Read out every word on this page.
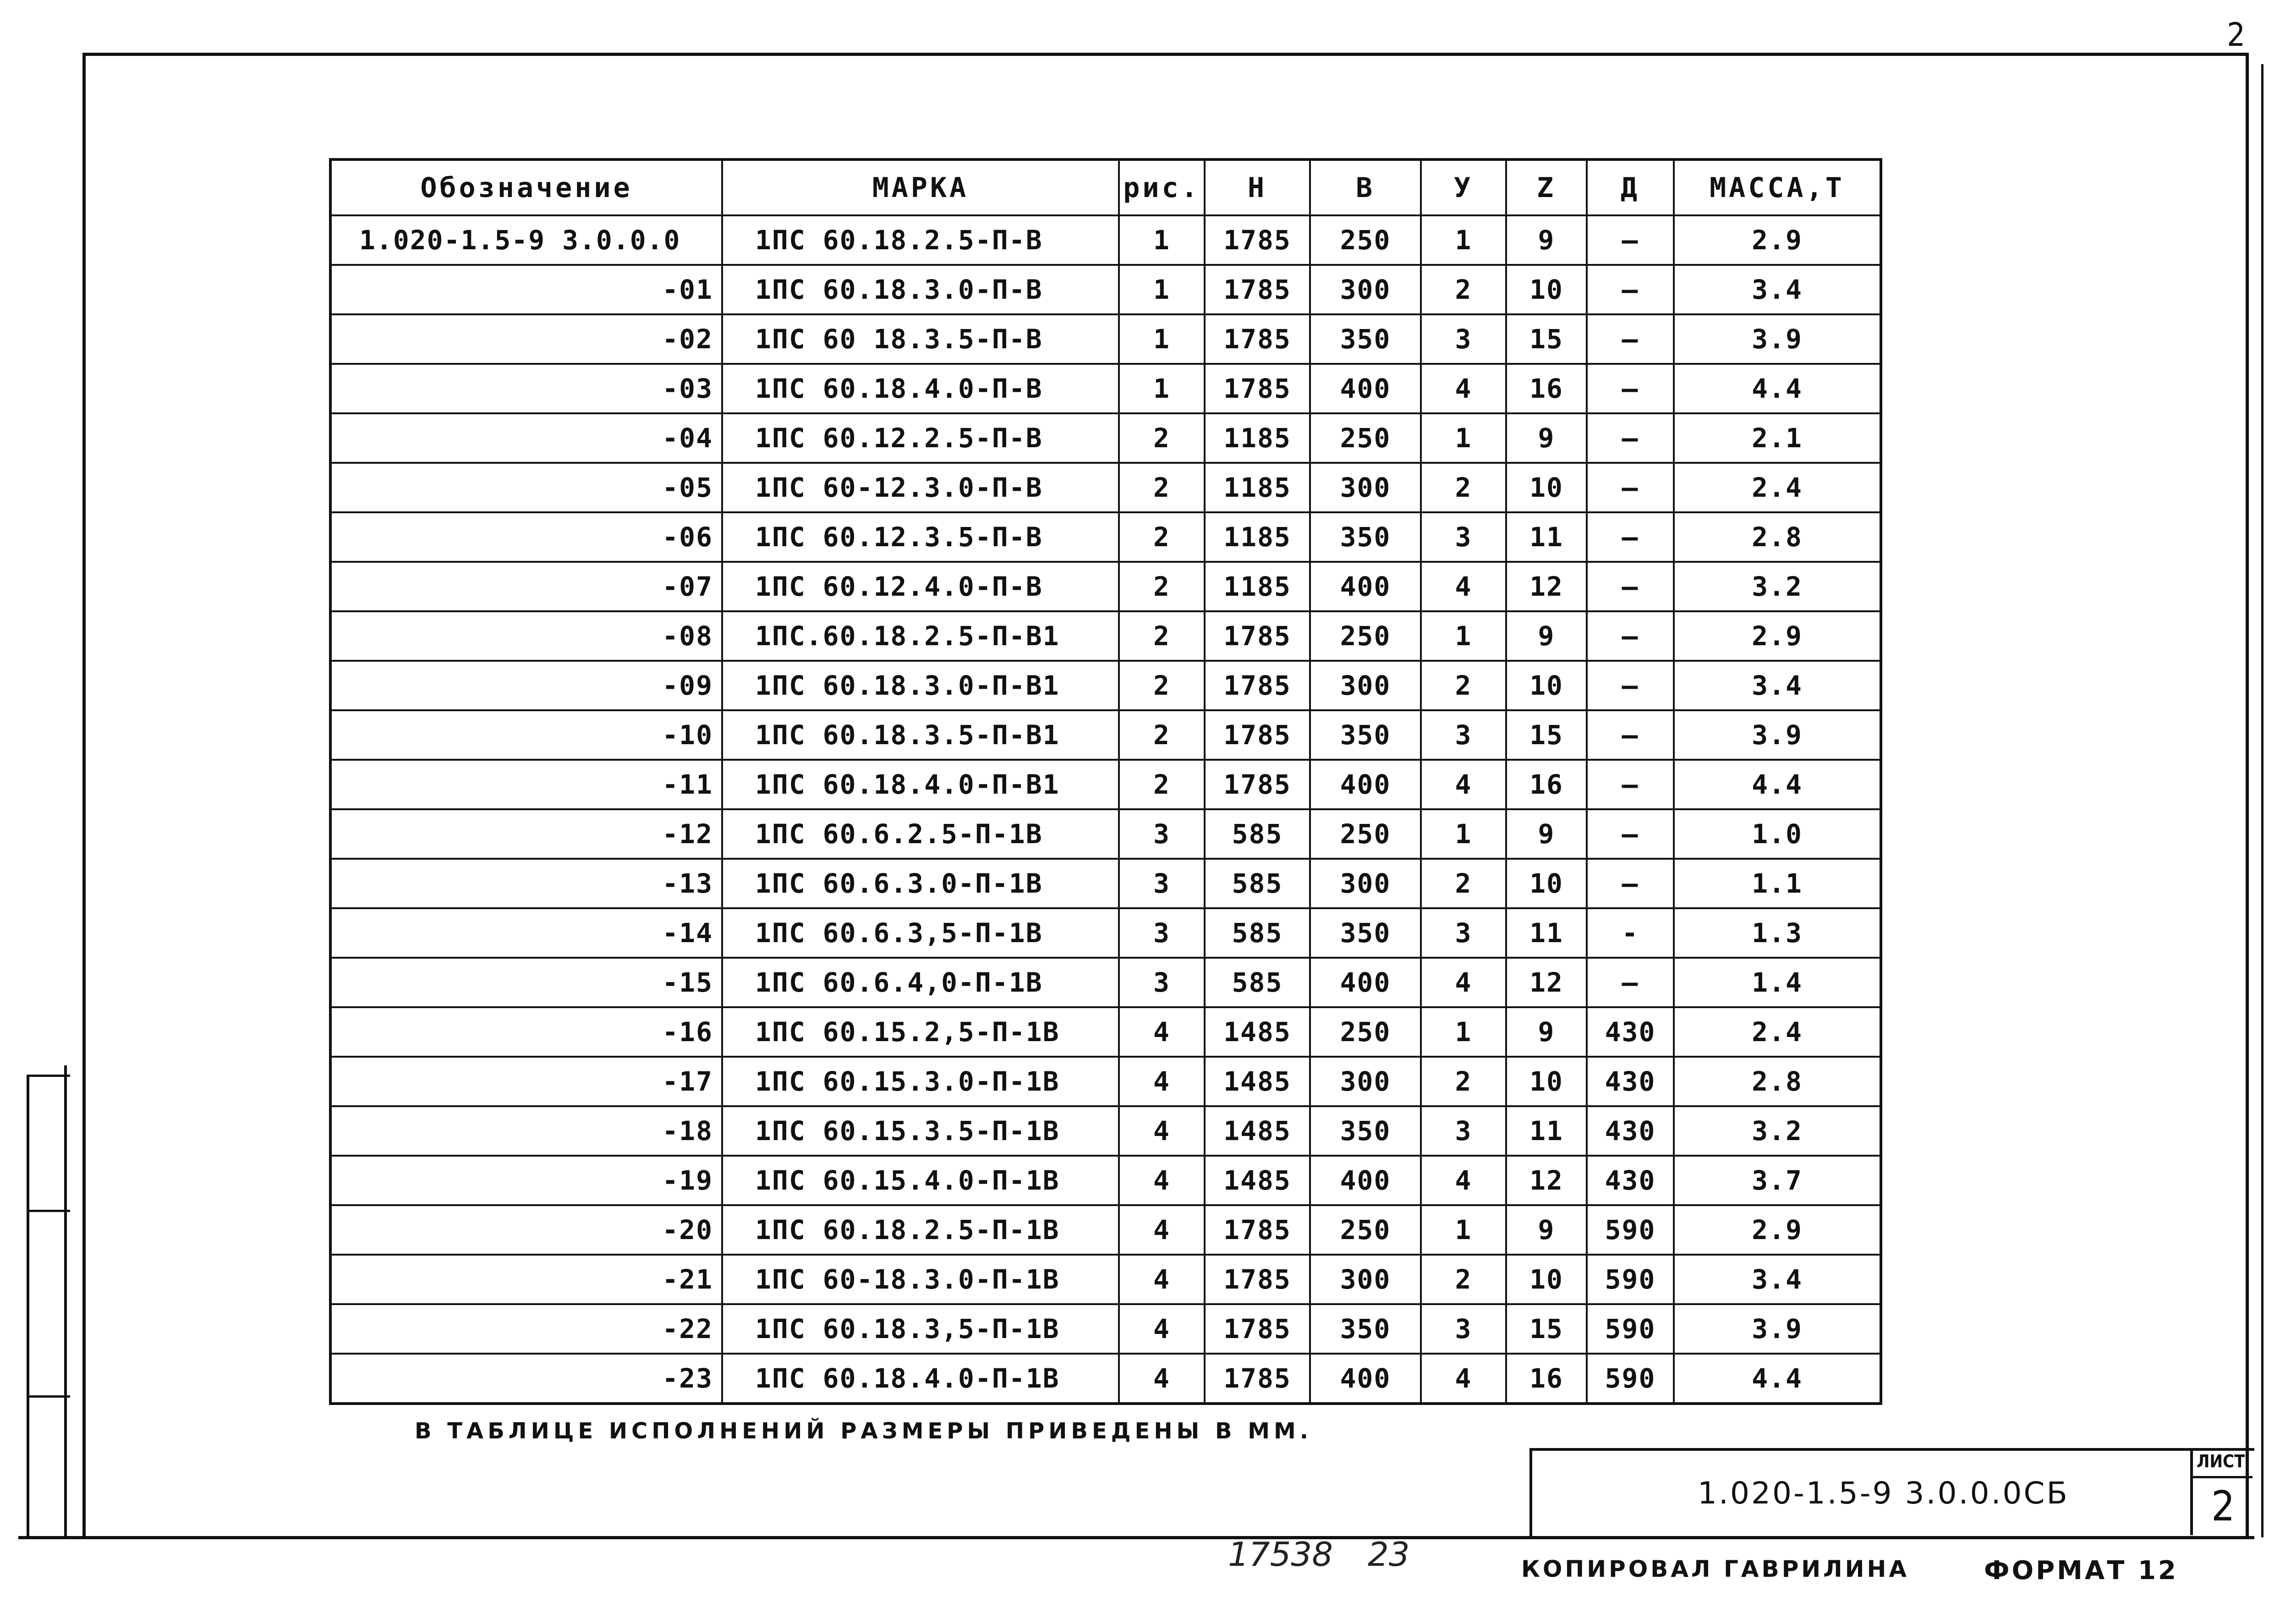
2
Обозначение	МАРКА	рис.	Н	В	У	Z	Д	МАССА,Т
1.020-1.5-9 3.0.0.0	1ПС 60.18.2.5-П-В	1	1785	250	1	9	—	2.9
-01	1ПС 60.18.3.0-П-В	1	1785	300	2	10	—	3.4
-02	1ПС 60 18.3.5-П-В	1	1785	350	3	15	—	3.9
-03	1ПС 60.18.4.0-П-В	1	1785	400	4	16	—	4.4
-04	1ПС 60.12.2.5-П-В	2	1185	250	1	9	—	2.1
-05	1ПС 60-12.3.0-П-В	2	1185	300	2	10	—	2.4
-06	1ПС 60.12.3.5-П-В	2	1185	350	3	11	—	2.8
-07	1ПС 60.12.4.0-П-В	2	1185	400	4	12	—	3.2
-08	1ПС.60.18.2.5-П-В1	2	1785	250	1	9	—	2.9
-09	1ПС 60.18.3.0-П-В1	2	1785	300	2	10	—	3.4
-10	1ПС 60.18.3.5-П-В1	2	1785	350	3	15	—	3.9
-11	1ПС 60.18.4.0-П-В1	2	1785	400	4	16	—	4.4
-12	1ПС 60.6.2.5-П-1В	3	585	250	1	9	—	1.0
-13	1ПС 60.6.3.0-П-1В	3	585	300	2	10	—	1.1
-14	1ПС 60.6.3,5-П-1В	3	585	350	3	11	-	1.3
-15	1ПС 60.6.4,0-П-1В	3	585	400	4	12	—	1.4
-16	1ПС 60.15.2,5-П-1В	4	1485	250	1	9	430	2.4
-17	1ПС 60.15.3.0-П-1В	4	1485	300	2	10	430	2.8
-18	1ПС 60.15.3.5-П-1В	4	1485	350	3	11	430	3.2
-19	1ПС 60.15.4.0-П-1В	4	1485	400	4	12	430	3.7
-20	1ПС 60.18.2.5-П-1В	4	1785	250	1	9	590	2.9
-21	1ПС 60-18.3.0-П-1В	4	1785	300	2	10	590	3.4
-22	1ПС 60.18.3,5-П-1В	4	1785	350	3	15	590	3.9
-23	1ПС 60.18.4.0-П-1В	4	1785	400	4	16	590	4.4
В ТАБЛИЦЕ ИСПОЛНЕНИЙ РАЗМЕРЫ ПРИВЕДЕНЫ В ММ.
1.020-1.5-9 3.0.0.0СБ
ЛИСТ
2
17538 23	КОПИРОВАЛ ГАВРИЛИНА	ФОРМАТ 12
